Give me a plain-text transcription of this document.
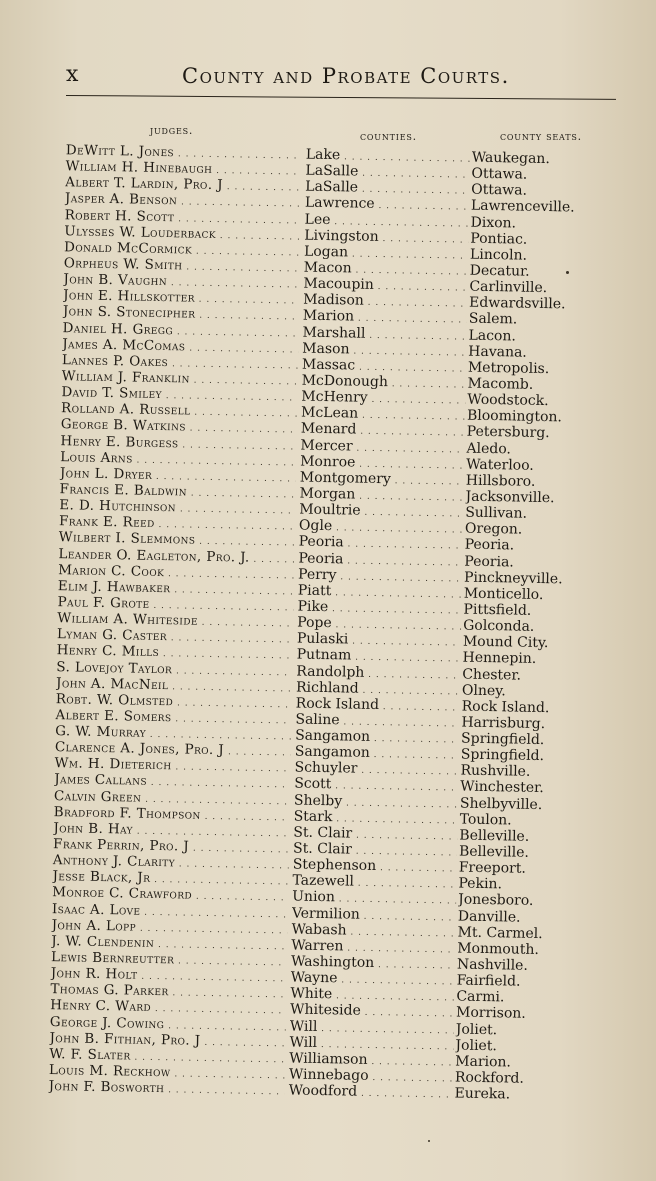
x	County and Probate Courts.
judges.	counties.	county seats.
DeWitt L. Jones . . .	Lake . . .	Waukegan.
William H. Hinebaugh . . .	LaSalle . . .	Ottawa.
Albert T. Lardin, Pro. J . . .	LaSalle . . .	Ottawa.
Jasper A. Benson . . .	Lawrence . . .	Lawrenceville.
Robert H. Scott . . .	Lee . . .	Dixon.
Ulysses W. Louderback . . .	Livingston . . .	Pontiac.
Donald McCormick . . .	Logan . . .	Lincoln.
Orpheus W. Smith . . .	Macon . . .	Decatur.
John B. Vaughn . . .	Macoupin . . .	Carlinville.
John E. Hillskotter . . .	Madison . . .	Edwardsville.
John S. Stonecipher . . .	Marion . . .	Salem.
Daniel H. Gregg . . .	Marshall . . .	Lacon.
James A. McComas . . .	Mason . . .	Havana.
Lannes P. Oakes . . .	Massac . . .	Metropolis.
William J. Franklin . . .	McDonough . . .	Macomb.
David T. Smiley . . .	McHenry . . .	Woodstock.
Rolland A. Russell . . .	McLean . . .	Bloomington.
George B. Watkins . . .	Menard . . .	Petersburg.
Henry E. Burgess . . .	Mercer . . .	Aledo.
Louis Arns . . .	Monroe . . .	Waterloo.
John L. Dryer . . .	Montgomery . . .	Hillsboro.
Francis E. Baldwin . . .	Morgan . . .	Jacksonville.
E. D. Hutchinson . . .	Moultrie . . .	Sullivan.
Frank E. Reed . . .	Ogle . . .	Oregon.
Wilbert I. Slemmons . . .	Peoria . . .	Peoria.
Leander O. Eagleton, Pro. J. . . .	Peoria . . .	Peoria.
Marion C. Cook . . .	Perry . . .	Pinckneyville.
Elim J. Hawbaker . . .	Piatt . . .	Monticello.
Paul F. Grote . . .	Pike . . .	Pittsfield.
William A. Whiteside . . .	Pope . . .	Golconda.
Lyman G. Caster . . .	Pulaski . . .	Mound City.
Henry C. Mills . . .	Putnam . . .	Hennepin.
S. Lovejoy Taylor . . .	Randolph . . .	Chester.
John A. MacNeil . . .	Richland . . .	Olney.
Robt. W. Olmsted . . .	Rock Island . . .	Rock Island.
Albert E. Somers . . .	Saline . . .	Harrisburg.
G. W. Murray . . .	Sangamon . . .	Springfield.
Clarence A. Jones, Pro. J . . .	Sangamon . . .	Springfield.
Wm. H. Dieterich . . .	Schuyler . . .	Rushville.
James Callans . . .	Scott . . .	Winchester.
Calvin Green . . .	Shelby . . .	Shelbyville.
Bradford F. Thompson . . .	Stark . . .	Toulon.
John B. Hay . . .	St. Clair . . .	Belleville.
Frank Perrin, Pro. J . . .	St. Clair . . .	Belleville.
Anthony J. Clarity . . .	Stephenson . . .	Freeport.
Jesse Black, Jr . . .	Tazewell . . .	Pekin.
Monroe C. Crawford . . .	Union . . .	Jonesboro.
Isaac A. Love . . .	Vermilion . . .	Danville.
John A. Lopp . . .	Wabash . . .	Mt. Carmel.
J. W. Clendenin . . .	Warren . . .	Monmouth.
Lewis Bernreutter . . .	Washington . . .	Nashville.
John R. Holt . . .	Wayne . . .	Fairfield.
Thomas G. Parker . . .	White . . .	Carmi.
Henry C. Ward . . .	Whiteside . . .	Morrison.
George J. Cowing . . .	Will . . .	Joliet.
John B. Fithian, Pro. J . . .	Will . . .	Joliet.
W. F. Slater . . .	Williamson . . .	Marion.
Louis M. Reckhow . . .	Winnebago . . .	Rockford.
John F. Bosworth . . .	Woodford . . .	Eureka.
